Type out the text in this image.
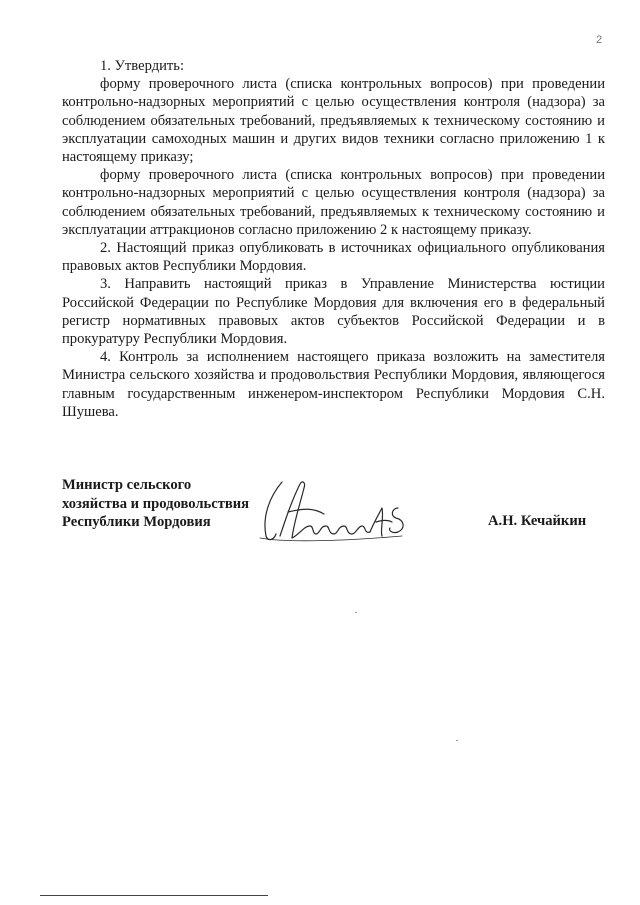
2

1. Утвердить:

форму проверочного листа (списка контрольных вопросов) при проведении контрольно-надзорных мероприятий с целью осуществления контроля (надзора) за соблюдением обязательных требований, предъявляемых к техническому состоянию и эксплуатации самоходных машин и других видов техники согласно приложению 1 к настоящему приказу;

форму проверочного листа (списка контрольных вопросов) при проведении контрольно-надзорных мероприятий с целью осуществления контроля (надзора) за соблюдением обязательных требований, предъявляемых к техническому состоянию и эксплуатации аттракционов согласно приложению 2 к настоящему приказу.

2. Настоящий приказ опубликовать в источниках официального опубликования правовых актов Республики Мордовия.

3. Направить настоящий приказ в Управление Министерства юстиции Российской Федерации по Республике Мордовия для включения его в федеральный регистр нормативных правовых актов субъектов Российской Федерации и в прокуратуру Республики Мордовия.

4. Контроль за исполнением настоящего приказа возложить на заместителя Министра сельского хозяйства и продовольствия Республики Мордовия, являющегося главным государственным инженером-инспектором Республики Мордовия С.Н. Шушева.

Министр сельского
хозяйства и продовольствия
Республики Мордовия	А.Н. Кечайкин
